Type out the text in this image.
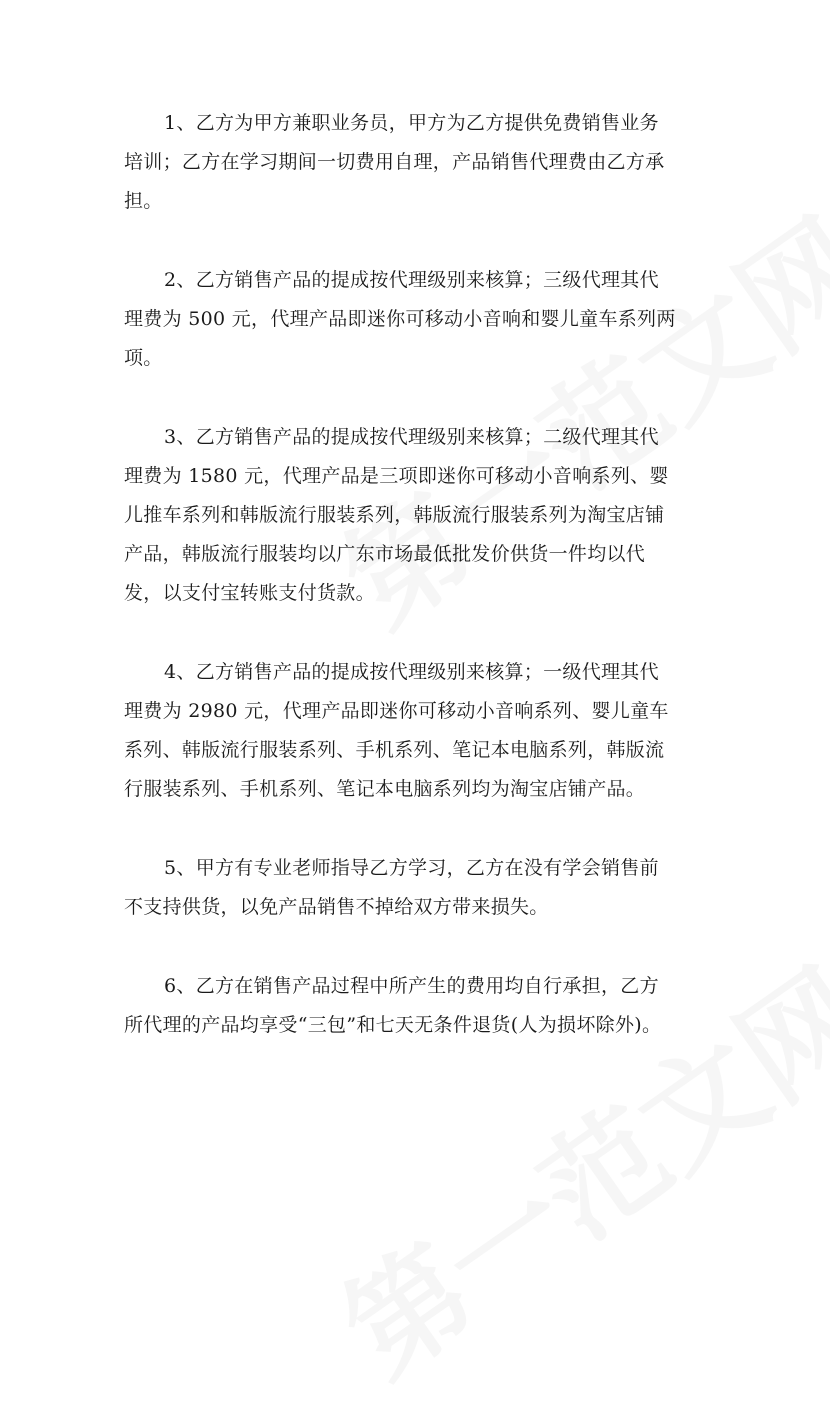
1、乙方为甲方兼职业务员，甲方为乙方提供免费销售业务
培训；乙方在学习期间一切费用自理，产品销售代理费由乙方承
担。
2、乙方销售产品的提成按代理级别来核算；三级代理其代
理费为 500 元，代理产品即迷你可移动小音响和婴儿童车系列两
项。
3、乙方销售产品的提成按代理级别来核算；二级代理其代
理费为 1580 元，代理产品是三项即迷你可移动小音响系列、婴
儿推车系列和韩版流行服装系列，韩版流行服装系列为淘宝店铺
产品，韩版流行服装均以广东市场最低批发价供货一件均以代
发，以支付宝转账支付货款。
4、乙方销售产品的提成按代理级别来核算；一级代理其代
理费为 2980 元，代理产品即迷你可移动小音响系列、婴儿童车
系列、韩版流行服装系列、手机系列、笔记本电脑系列，韩版流
行服装系列、手机系列、笔记本电脑系列均为淘宝店铺产品。
5、甲方有专业老师指导乙方学习，乙方在没有学会销售前
不支持供货，以免产品销售不掉给双方带来损失。
6、乙方在销售产品过程中所产生的费用均自行承担，乙方
所代理的产品均享受“三包”和七天无条件退货(人为损坏除外)。
